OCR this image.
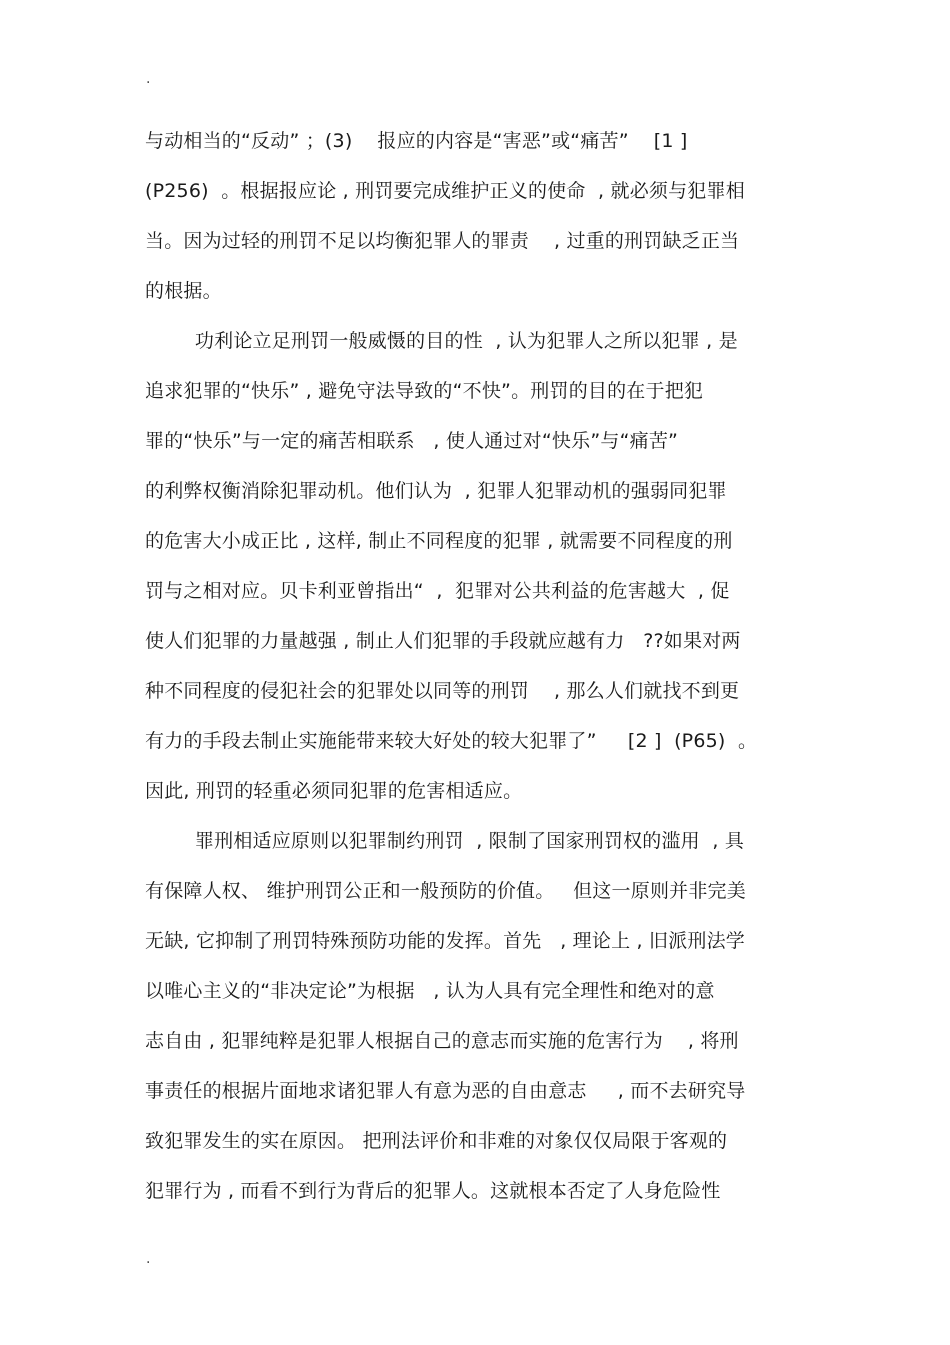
.
与动相当的“反动” ；(3)    报应的内容是“害恶”或“痛苦”    [1 ]
(P256)  。根据报应论 , 刑罚要完成维护正义的使命  , 就必须与犯罪相
当。因为过轻的刑罚不足以均衡犯罪人的罪责    , 过重的刑罚缺乏正当
的根据。
功利论立足刑罚一般威慑的目的性  , 认为犯罪人之所以犯罪 , 是
追求犯罪的“快乐” , 避免守法导致的“不快”。刑罚的目的在于把犯
罪的“快乐”与一定的痛苦相联系   , 使人通过对“快乐”与“痛苦”
的利弊权衡消除犯罪动机。他们认为  , 犯罪人犯罪动机的强弱同犯罪
的危害大小成正比 , 这样, 制止不同程度的犯罪 , 就需要不同程度的刑
罚与之相对应。贝卡利亚曾指出“  ,  犯罪对公共利益的危害越大  , 促
使人们犯罪的力量越强 , 制止人们犯罪的手段就应越有力   ??如果对两
种不同程度的侵犯社会的犯罪处以同等的刑罚    , 那么人们就找不到更
有力的手段去制止实施能带来较大好处的较大犯罪了”     [2 ]  (P65)  。
因此, 刑罚的轻重必须同犯罪的危害相适应。
罪刑相适应原则以犯罪制约刑罚  , 限制了国家刑罚权的滥用  , 具
有保障人权、 维护刑罚公正和一般预防的价值。   但这一原则并非完美
无缺, 它抑制了刑罚特殊预防功能的发挥。首先   , 理论上 , 旧派刑法学
以唯心主义的“非决定论”为根据   , 认为人具有完全理性和绝对的意
志自由 , 犯罪纯粹是犯罪人根据自己的意志而实施的危害行为    , 将刑
事责任的根据片面地求诸犯罪人有意为恶的自由意志     , 而不去研究导
致犯罪发生的实在原因。 把刑法评价和非难的对象仅仅局限于客观的
犯罪行为 , 而看不到行为背后的犯罪人。这就根本否定了人身危险性
.
